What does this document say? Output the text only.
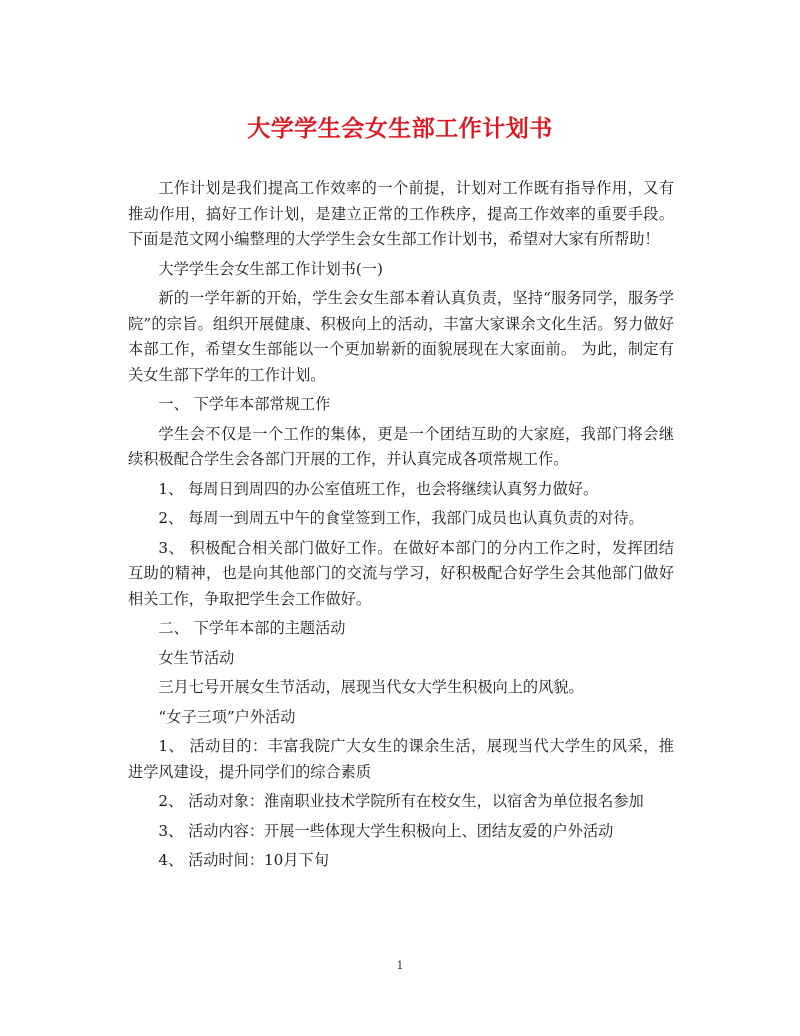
大学学生会女生部工作计划书

工作计划是我们提高工作效率的一个前提，计划对工作既有指导作用，又有推动作用，搞好工作计划，是建立正常的工作秩序，提高工作效率的重要手段。下面是范文网小编整理的大学学生会女生部工作计划书，希望对大家有所帮助！

大学学生会女生部工作计划书(一)

新的一学年新的开始，学生会女生部本着认真负责，坚持“服务同学，服务学院”的宗旨。组织开展健康、积极向上的活动，丰富大家课余文化生活。努力做好本部工作，希望女生部能以一个更加崭新的面貌展现在大家面前。 为此，制定有关女生部下学年的工作计划。

一、 下学年本部常规工作

学生会不仅是一个工作的集体，更是一个团结互助的大家庭，我部门将会继续积极配合学生会各部门开展的工作，并认真完成各项常规工作。

1、 每周日到周四的办公室值班工作，也会将继续认真努力做好。

2、 每周一到周五中午的食堂签到工作，我部门成员也认真负责的对待。

3、 积极配合相关部门做好工作。在做好本部门的分内工作之时，发挥团结互助的精神，也是向其他部门的交流与学习，好积极配合好学生会其他部门做好相关工作，争取把学生会工作做好。

二、 下学年本部的主题活动

女生节活动

三月七号开展女生节活动，展现当代女大学生积极向上的风貌。

“女子三项”户外活动

1、 活动目的：丰富我院广大女生的课余生活，展现当代大学生的风采，推进学风建设，提升同学们的综合素质

2、 活动对象：淮南职业技术学院所有在校女生，以宿舍为单位报名参加

3、 活动内容：开展一些体现大学生积极向上、团结友爱的户外活动

4、 活动时间：10月下旬

1
